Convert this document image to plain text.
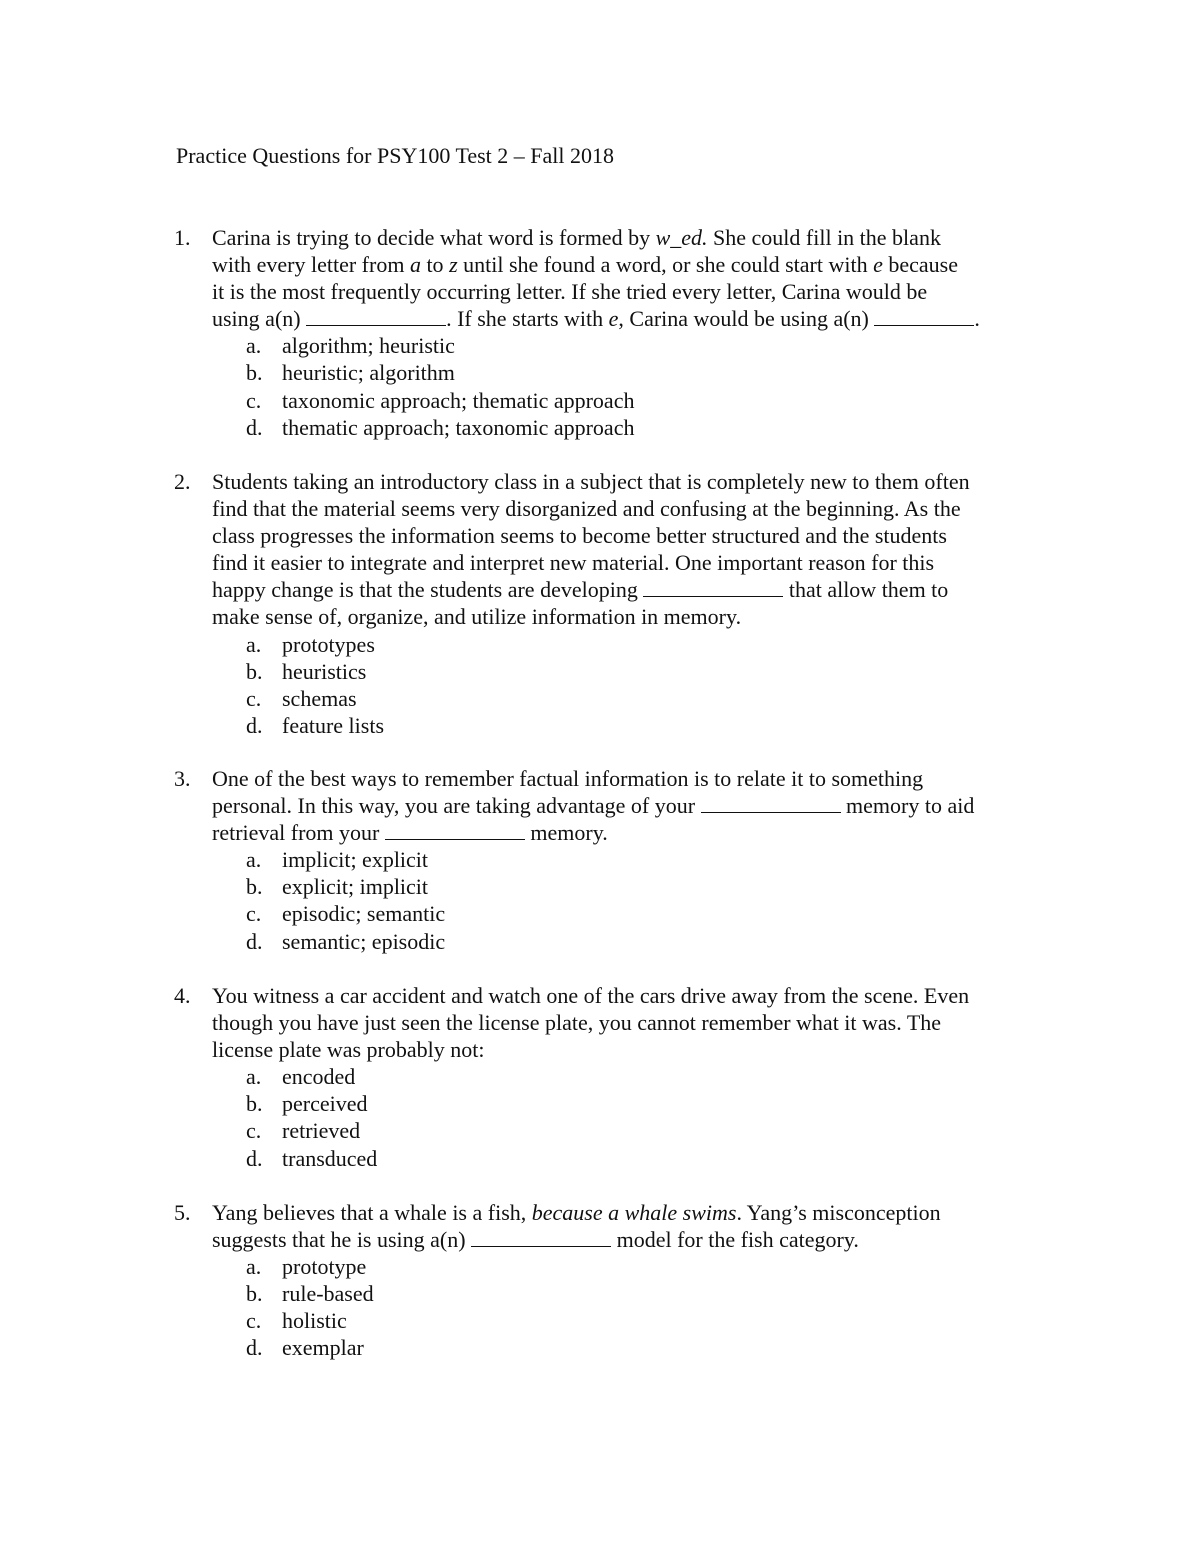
Practice Questions for PSY100 Test 2 – Fall 2018
1. Carina is trying to decide what word is formed by w_ed. She could fill in the blank
with every letter from a to z until she found a word, or she could start with e because
it is the most frequently occurring letter. If she tried every letter, Carina would be
using a(n)	. If she starts with e, Carina would be using a(n)	.
a. algorithm; heuristic
b. heuristic; algorithm
c. taxonomic approach; thematic approach
d. thematic approach; taxonomic approach
2. Students taking an introductory class in a subject that is completely new to them often
find that the material seems very disorganized and confusing at the beginning. As the
class progresses the information seems to become better structured and the students
find it easier to integrate and interpret new material. One important reason for this
happy change is that the students are developing	that allow them to
make sense of, organize, and utilize information in memory.
a. prototypes
b. heuristics
c. schemas
d. feature lists
3. One of the best ways to remember factual information is to relate it to something
personal. In this way, you are taking advantage of your	memory to aid
retrieval from your	memory.
a. implicit; explicit
b. explicit; implicit
c. episodic; semantic
d. semantic; episodic
4. You witness a car accident and watch one of the cars drive away from the scene. Even
though you have just seen the license plate, you cannot remember what it was. The
license plate was probably not:
a. encoded
b. perceived
c. retrieved
d. transduced
5. Yang believes that a whale is a fish, because a whale swims. Yang’s misconception
suggests that he is using a(n)	model for the fish category.
a. prototype
b. rule-based
c. holistic
d. exemplar
